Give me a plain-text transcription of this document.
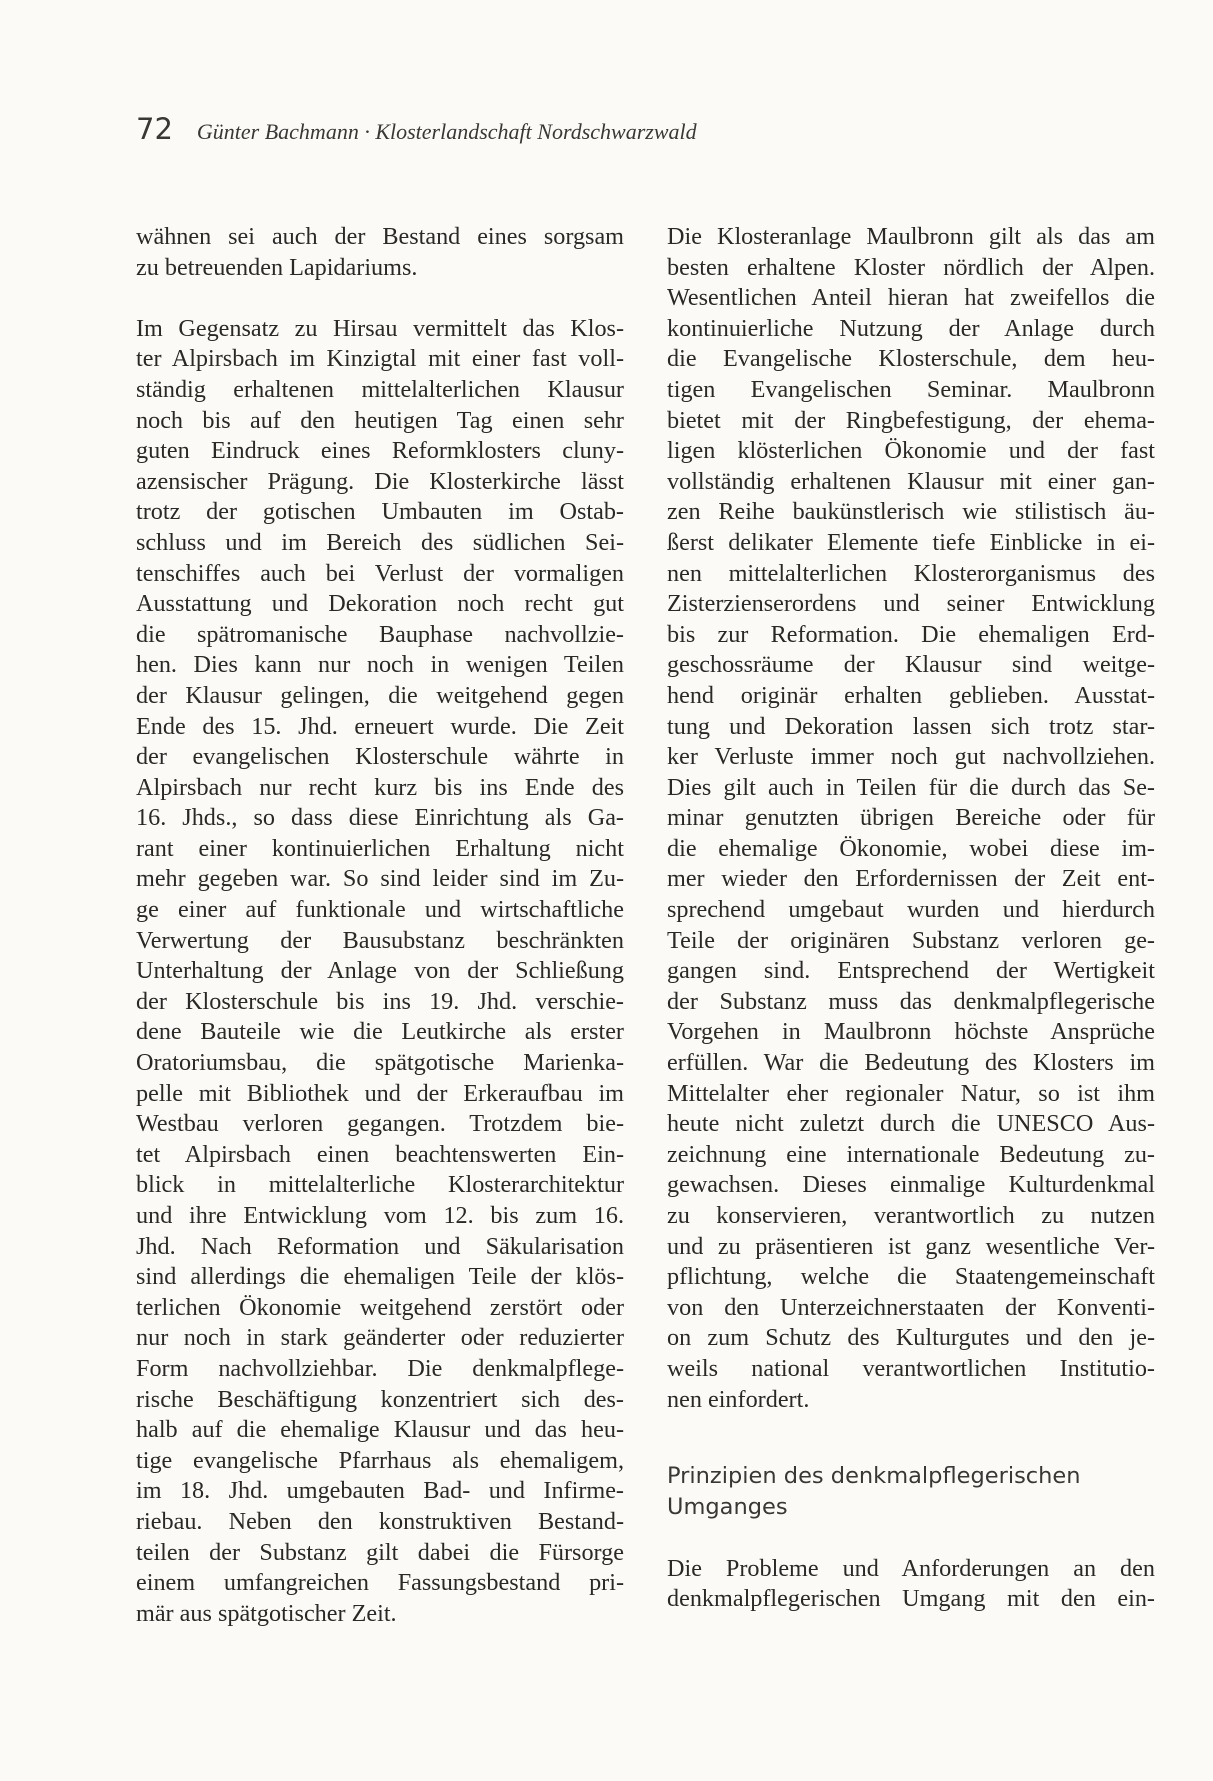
72 Günter Bachmann · Klosterlandschaft Nordschwarzwald
wähnen sei auch der Bestand eines sorgsam
zu betreuenden Lapidariums.
Im Gegensatz zu Hirsau vermittelt das Klos-
ter Alpirsbach im Kinzigtal mit einer fast voll-
ständig erhaltenen mittelalterlichen Klausur
noch bis auf den heutigen Tag einen sehr
guten Eindruck eines Reformklosters cluny-
azensischer Prägung. Die Klosterkirche lässt
trotz der gotischen Umbauten im Ostab-
schluss und im Bereich des südlichen Sei-
tenschiffes auch bei Verlust der vormaligen
Ausstattung und Dekoration noch recht gut
die spätromanische Bauphase nachvollzie-
hen. Dies kann nur noch in wenigen Teilen
der Klausur gelingen, die weitgehend gegen
Ende des 15. Jhd. erneuert wurde. Die Zeit
der evangelischen Klosterschule währte in
Alpirsbach nur recht kurz bis ins Ende des
16. Jhds., so dass diese Einrichtung als Ga-
rant einer kontinuierlichen Erhaltung nicht
mehr gegeben war. So sind leider sind im Zu-
ge einer auf funktionale und wirtschaftliche
Verwertung der Bausubstanz beschränkten
Unterhaltung der Anlage von der Schließung
der Klosterschule bis ins 19. Jhd. verschie-
dene Bauteile wie die Leutkirche als erster
Oratoriumsbau, die spätgotische Marienka-
pelle mit Bibliothek und der Erkeraufbau im
Westbau verloren gegangen. Trotzdem bie-
tet Alpirsbach einen beachtenswerten Ein-
blick in mittelalterliche Klosterarchitektur
und ihre Entwicklung vom 12. bis zum 16.
Jhd. Nach Reformation und Säkularisation
sind allerdings die ehemaligen Teile der klös-
terlichen Ökonomie weitgehend zerstört oder
nur noch in stark geänderter oder reduzierter
Form nachvollziehbar. Die denkmalpflege-
rische Beschäftigung konzentriert sich des-
halb auf die ehemalige Klausur und das heu-
tige evangelische Pfarrhaus als ehemaligem,
im 18. Jhd. umgebauten Bad- und Infirme-
riebau. Neben den konstruktiven Bestand-
teilen der Substanz gilt dabei die Fürsorge
einem umfangreichen Fassungsbestand pri-
mär aus spätgotischer Zeit.
Die Klosteranlage Maulbronn gilt als das am
besten erhaltene Kloster nördlich der Alpen.
Wesentlichen Anteil hieran hat zweifellos die
kontinuierliche Nutzung der Anlage durch
die Evangelische Klosterschule, dem heu-
tigen Evangelischen Seminar. Maulbronn
bietet mit der Ringbefestigung, der ehema-
ligen klösterlichen Ökonomie und der fast
vollständig erhaltenen Klausur mit einer gan-
zen Reihe baukünstlerisch wie stilistisch äu-
ßerst delikater Elemente tiefe Einblicke in ei-
nen mittelalterlichen Klosterorganismus des
Zisterzienserordens und seiner Entwicklung
bis zur Reformation. Die ehemaligen Erd-
geschossräume der Klausur sind weitge-
hend originär erhalten geblieben. Ausstat-
tung und Dekoration lassen sich trotz star-
ker Verluste immer noch gut nachvollziehen.
Dies gilt auch in Teilen für die durch das Se-
minar genutzten übrigen Bereiche oder für
die ehemalige Ökonomie, wobei diese im-
mer wieder den Erfordernissen der Zeit ent-
sprechend umgebaut wurden und hierdurch
Teile der originären Substanz verloren ge-
gangen sind. Entsprechend der Wertigkeit
der Substanz muss das denkmalpflegerische
Vorgehen in Maulbronn höchste Ansprüche
erfüllen. War die Bedeutung des Klosters im
Mittelalter eher regionaler Natur, so ist ihm
heute nicht zuletzt durch die UNESCO Aus-
zeichnung eine internationale Bedeutung zu-
gewachsen. Dieses einmalige Kulturdenkmal
zu konservieren, verantwortlich zu nutzen
und zu präsentieren ist ganz wesentliche Ver-
pflichtung, welche die Staatengemeinschaft
von den Unterzeichnerstaaten der Konventi-
on zum Schutz des Kulturgutes und den je-
weils national verantwortlichen Institutio-
nen einfordert.
Prinzipien des denkmalpflegerischen
Umganges
Die Probleme und Anforderungen an den
denkmalpflegerischen Umgang mit den ein-
